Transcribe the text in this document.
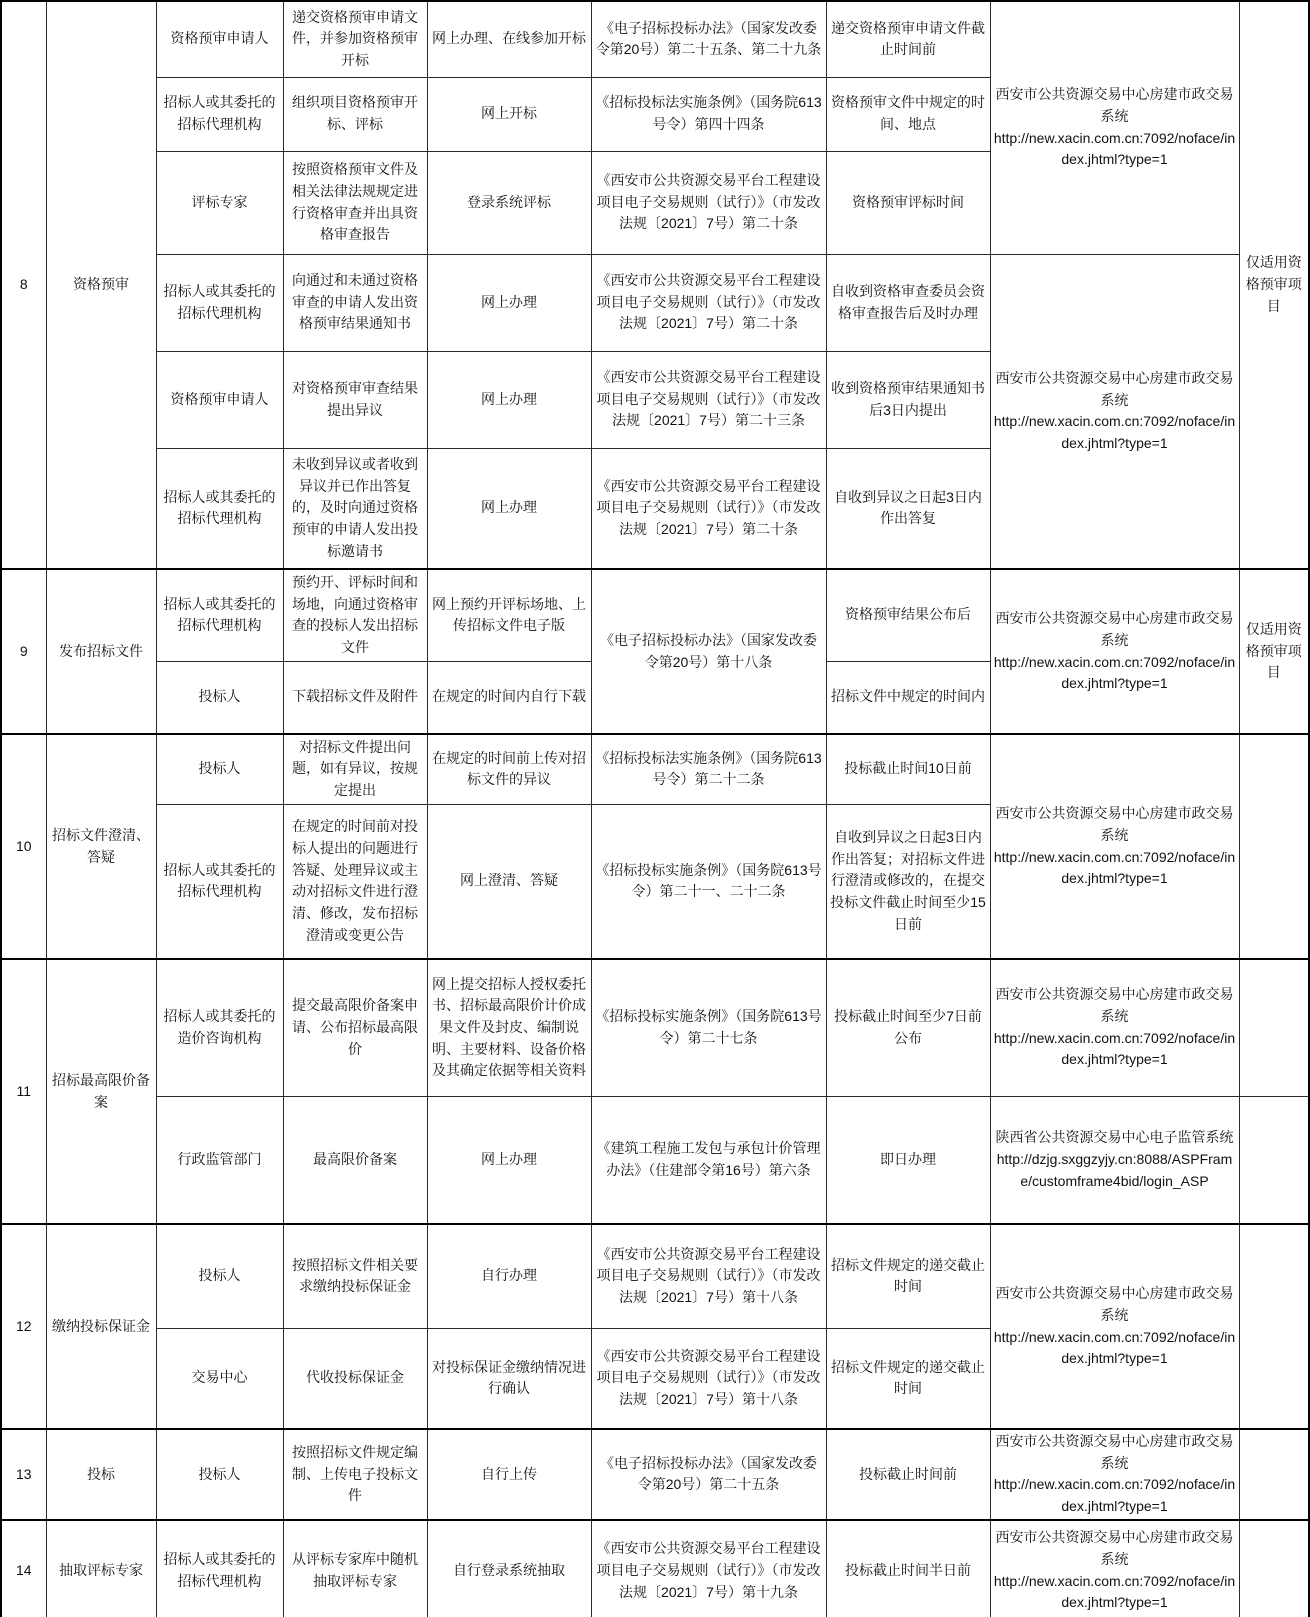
8	资格预审	资格预审申请人	递交资格预审申请文件，并参加资格预审开标	网上办理、在线参加开标	《电子招标投标办法》（国家发改委令第20号）第二十五条、第二十九条	递交资格预审申请文件截止时间前	西安市公共资源交易中心房建市政交易系统
http://new.xacin.com.cn:7092/noface/index.jhtml?type=1	仅适用资格预审项目
		招标人或其委托的招标代理机构	组织项目资格预审开标、评标	网上开标	《招标投标法实施条例》（国务院613号令）第四十四条	资格预审文件中规定的时间、地点		
		评标专家	按照资格预审文件及相关法律法规规定进行资格审查并出具资格审查报告	登录系统评标	《西安市公共资源交易平台工程建设项目电子交易规则（试行）》（市发改法规〔2021〕7号）第二十条	资格预审评标时间		
		招标人或其委托的招标代理机构	向通过和未通过资格审查的申请人发出资格预审结果通知书	网上办理	《西安市公共资源交易平台工程建设项目电子交易规则（试行）》（市发改法规〔2021〕7号）第二十条	自收到资格审查委员会资格审查报告后及时办理	西安市公共资源交易中心房建市政交易系统
http://new.xacin.com.cn:7092/noface/index.jhtml?type=1	

		资格预审申请人	对资格预审审查结果提出异议	网上办理	《西安市公共资源交易平台工程建设项目电子交易规则（试行）》（市发改法规〔2021〕7号）第二十三条	收到资格预审结果通知书后3日内提出		
		招标人或其委托的招标代理机构	未收到异议或者收到异议并已作出答复的，及时向通过资格预审的申请人发出投标邀请书	网上办理	《西安市公共资源交易平台工程建设项目电子交易规则（试行）》（市发改法规〔2021〕7号）第二十条	自收到异议之日起3日内作出答复		
9	发布招标文件	招标人或其委托的招标代理机构	预约开、评标时间和场地，向通过资格审查的投标人发出招标文件	网上预约开评标场地、上传招标文件电子版	《电子招标投标办法》（国家发改委令第20号）第十八条	资格预审结果公布后	西安市公共资源交易中心房建市政交易系统
http://new.xacin.com.cn:7092/noface/index.jhtml?type=1	仅适用资格预审项目
		投标人	下载招标文件及附件	在规定的时间内自行下载		招标文件中规定的时间内		
10	招标文件澄清、答疑	投标人	对招标文件提出问题，如有异议，按规定提出	在规定的时间前上传对招标文件的异议	《招标投标法实施条例》（国务院613号令）第二十二条	投标截止时间10日前	西安市公共资源交易中心房建市政交易系统
http://new.xacin.com.cn:7092/noface/index.jhtml?type=1	

		招标人或其委托的招标代理机构	在规定的时间前对投标人提出的问题进行答疑、处理异议或主动对招标文件进行澄清、修改，发布招标澄清或变更公告	网上澄清、答疑	《招标投标实施条例》（国务院613号令）第二十一、二十二条	自收到异议之日起3日内作出答复；对招标文件进行澄清或修改的，在提交投标文件截止时间至少15日前		
11	招标最高限价备案	招标人或其委托的造价咨询机构	提交最高限价备案申请、公布招标最高限价	网上提交招标人授权委托书、招标最高限价计价成果文件及封皮、编制说明、主要材料、设备价格及其确定依据等相关资料	《招标投标实施条例》（国务院613号令）第二十七条	投标截止时间至少7日前公布	西安市公共资源交易中心房建市政交易系统
http://new.xacin.com.cn:7092/noface/index.jhtml?type=1	

		行政监管部门	最高限价备案	网上办理	《建筑工程施工发包与承包计价管理办法》（住建部令第16号）第六条	即日办理	陕西省公共资源交易中心电子监管系统
http://dzjg.sxggzyjy.cn:8088/ASPFrame/customframe4bid/login_ASP	

12	缴纳投标保证金	投标人	按照招标文件相关要求缴纳投标保证金	自行办理	《西安市公共资源交易平台工程建设项目电子交易规则（试行）》（市发改法规〔2021〕7号）第十八条	招标文件规定的递交截止时间	西安市公共资源交易中心房建市政交易系统
http://new.xacin.com.cn:7092/noface/index.jhtml?type=1	

		交易中心	代收投标保证金	对投标保证金缴纳情况进行确认	《西安市公共资源交易平台工程建设项目电子交易规则（试行）》（市发改法规〔2021〕7号）第十八条	招标文件规定的递交截止时间		
13	投标	投标人	按照招标文件规定编制、上传电子投标文件	自行上传	《电子招标投标办法》（国家发改委令第20号）第二十五条	投标截止时间前	西安市公共资源交易中心房建市政交易系统
http://new.xacin.com.cn:7092/noface/index.jhtml?type=1	

14	抽取评标专家	招标人或其委托的招标代理机构	从评标专家库中随机抽取评标专家	自行登录系统抽取	《西安市公共资源交易平台工程建设项目电子交易规则（试行）》（市发改法规〔2021〕7号）第十九条	投标截止时间半日前	西安市公共资源交易中心房建市政交易系统
http://new.xacin.com.cn:7092/noface/index.jhtml?type=1	
